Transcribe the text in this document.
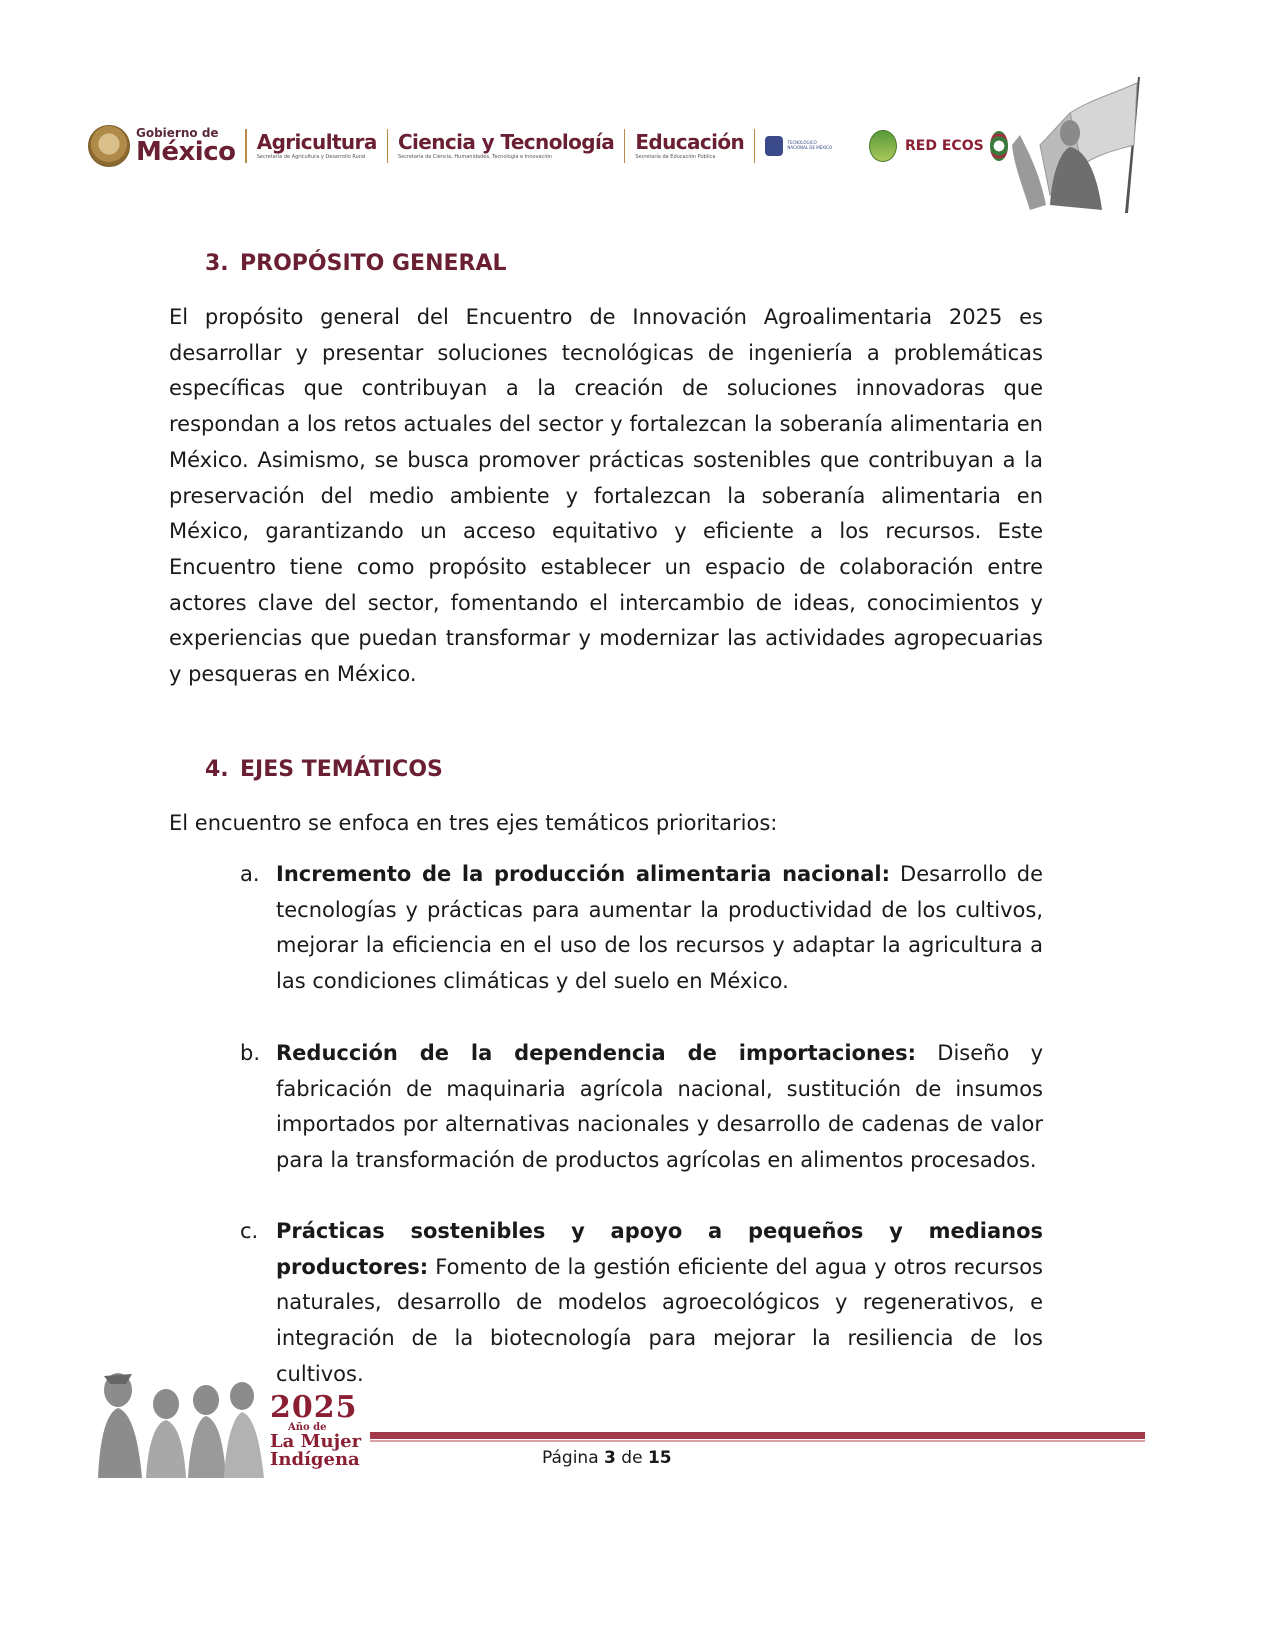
Gobierno de
México Agricultura
Secretaría de Agricultura y Desarrollo Rural
Ciencia y Tecnología
Secretaría de Ciencia, Humanidades, Tecnología e Innovación
Educación
Secretaría de Educación Pública
TECNOLÓGICO NACIONAL DE MÉXICO	RED ECOS
3. PROPÓSITO GENERAL

El propósito general del Encuentro de Innovación Agroalimentaria 2025 es desarrollar y presentar soluciones tecnológicas de ingeniería a problemáticas específicas que contribuyan a la creación de soluciones innovadoras que respondan a los retos actuales del sector y fortalezcan la soberanía alimentaria en México. Asimismo, se busca promover prácticas sostenibles que contribuyan a la preservación del medio ambiente y fortalezcan la soberanía alimentaria en México, garantizando un acceso equitativo y eficiente a los recursos. Este Encuentro tiene como propósito establecer un espacio de colaboración entre actores clave del sector, fomentando el intercambio de ideas, conocimientos y experiencias que puedan transformar y modernizar las actividades agropecuarias y pesqueras en México.

4. EJES TEMÁTICOS

El encuentro se enfoca en tres ejes temáticos prioritarios:

a. Incremento de la producción alimentaria nacional: Desarrollo de tecnologías y prácticas para aumentar la productividad de los cultivos, mejorar la eficiencia en el uso de los recursos y adaptar la agricultura a las condiciones climáticas y del suelo en México.
b. Reducción de la dependencia de importaciones: Diseño y fabricación de maquinaria agrícola nacional, sustitución de insumos importados por alternativas nacionales y desarrollo de cadenas de valor para la transformación de productos agrícolas en alimentos procesados.
c. Prácticas sostenibles y apoyo a pequeños y medianos productores: Fomento de la gestión eficiente del agua y otros recursos naturales, desarrollo de modelos agroecológicos y regenerativos, e integración de la biotecnología para mejorar la resiliencia de los cultivos.
2025
Año de
La Mujer
Indígena	Página 3 de 15
